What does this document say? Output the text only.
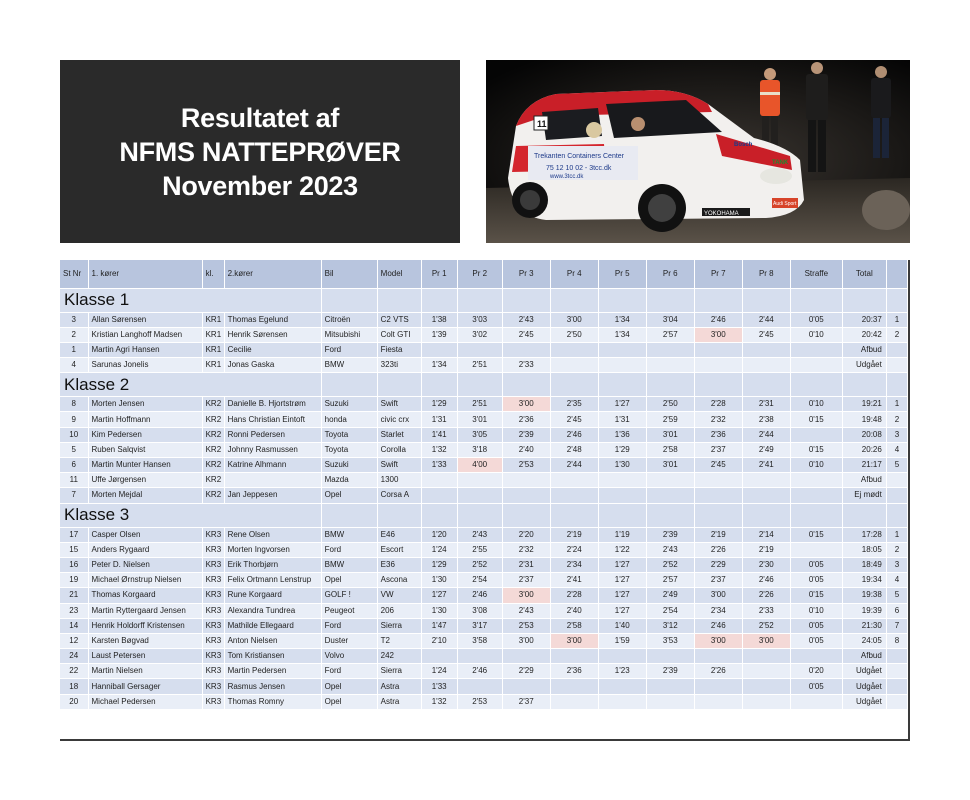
Resultatet af
NFMS NATTEPRØVER
November 2023
Trekanten Containers Center
75 12 10 02 - 3tcc.dk
www.3tcc.dk
11
YOKOHAMA
Bosch
TANK
Audi Sport
St Nr	1. kører	kl.	2.kører	Bil	Model	Pr 1	Pr 2	Pr 3	Pr 4	Pr 5	Pr 6	Pr 7	Pr 8	Straffe	Total	
Klasse 1																
3	Allan Sørensen	KR1	Thomas Egelund	Citroën	C2 VTS	1'38	3'03	2'43	3'00	1'34	3'04	2'46	2'44	0'05	20:37	1
2	Kristian Langhoff Madsen	KR1	Henrik Sørensen	Mitsubishi	Colt GTI	1'39	3'02	2'45	2'50	1'34	2'57	3'00	2'45	0'10	20:42	2
1	Martin Agri Hansen	KR1	Cecilie	Ford	Fiesta										Afbud	
4	Sarunas Jonelis	KR1	Jonas Gaska	BMW	323ti	1'34	2'51	2'33							Udgået	
Klasse 2																
8	Morten Jensen	KR2	Danielle B. Hjortstrøm	Suzuki	Swift	1'29	2'51	3'00	2'35	1'27	2'50	2'28	2'31	0'10	19:21	1
9	Martin Hoffmann	KR2	Hans Christian Eintoft	honda	civic crx	1'31	3'01	2'36	2'45	1'31	2'59	2'32	2'38	0'15	19:48	2
10	Kim Pedersen	KR2	Ronni Pedersen	Toyota	Starlet	1'41	3'05	2'39	2'46	1'36	3'01	2'36	2'44		20:08	3
5	Ruben Salqvist	KR2	Johnny Rasmussen	Toyota	Corolla	1'32	3'18	2'40	2'48	1'29	2'58	2'37	2'49	0'15	20:26	4
6	Martin Munter Hansen	KR2	Katrine Alhmann	Suzuki	Swift	1'33	4'00	2'53	2'44	1'30	3'01	2'45	2'41	0'10	21:17	5
11	Uffe Jørgensen	KR2		Mazda	1300										Afbud	
7	Morten Mejdal	KR2	Jan Jeppesen	Opel	Corsa A										Ej mødt	
Klasse 3																
17	Casper Olsen	KR3	Rene Olsen	BMW	E46	1'20	2'43	2'20	2'19	1'19	2'39	2'19	2'14	0'15	17:28	1
15	Anders Rygaard	KR3	Morten Ingvorsen	Ford	Escort	1'24	2'55	2'32	2'24	1'22	2'43	2'26	2'19		18:05	2
16	Peter D. Nielsen	KR3	Erik Thorbjørn	BMW	E36	1'29	2'52	2'31	2'34	1'27	2'52	2'29	2'30	0'05	18:49	3
19	Michael Ørnstrup Nielsen	KR3	Felix Ortmann Lenstrup	Opel	Ascona	1'30	2'54	2'37	2'41	1'27	2'57	2'37	2'46	0'05	19:34	4
21	Thomas Korgaard	KR3	Rune Korgaard	GOLF !	VW	1'27	2'46	3'00	2'28	1'27	2'49	3'00	2'26	0'15	19:38	5
23	Martin Ryttergaard Jensen	KR3	Alexandra Tundrea	Peugeot	206	1'30	3'08	2'43	2'40	1'27	2'54	2'34	2'33	0'10	19:39	6
14	Henrik Holdorff Kristensen	KR3	Mathilde Ellegaard	Ford	Sierra	1'47	3'17	2'53	2'58	1'40	3'12	2'46	2'52	0'05	21:30	7
12	Karsten Bøgvad	KR3	Anton Nielsen	Duster	T2	2'10	3'58	3'00	3'00	1'59	3'53	3'00	3'00	0'05	24:05	8
24	Laust Petersen	KR3	Tom Kristiansen	Volvo	242										Afbud	
22	Martin Nielsen	KR3	Martin Pedersen	Ford	Sierra	1'24	2'46	2'29	2'36	1'23	2'39	2'26		0'20	Udgået	
18	Hanniball Gersager	KR3	Rasmus Jensen	Opel	Astra	1'33								0'05	Udgået	
20	Michael Pedersen	KR3	Thomas Romny	Opel	Astra	1'32	2'53	2'37							Udgået	
